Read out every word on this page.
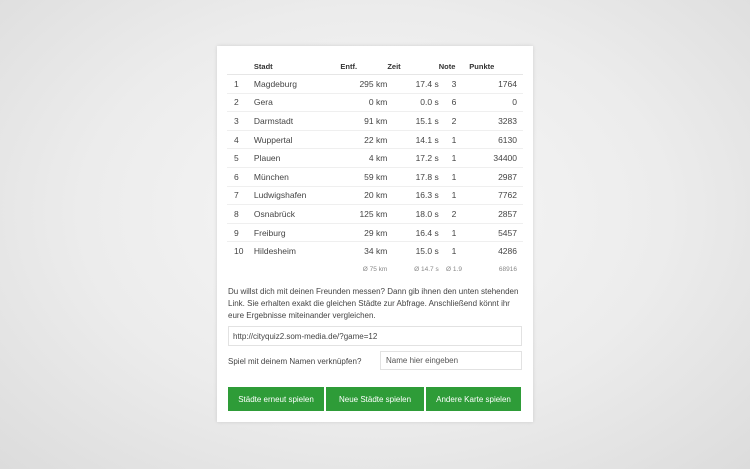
	Stadt	Entf.	Zeit	Note	Punkte
1	Magdeburg	295 km	17.4 s	3	1764
2	Gera	0 km	0.0 s	6	0
3	Darmstadt	91 km	15.1 s	2	3283
4	Wuppertal	22 km	14.1 s	1	6130
5	Plauen	4 km	17.2 s	1	34400
6	München	59 km	17.8 s	1	2987
7	Ludwigshafen	20 km	16.3 s	1	7762
8	Osnabrück	125 km	18.0 s	2	2857
9	Freiburg	29 km	16.4 s	1	5457
10	Hildesheim	34 km	15.0 s	1	4286
		Ø 75 km	Ø 14.7 s	Ø 1.9	68916
Du willst dich mit deinen Freunden messen? Dann gib ihnen den unten stehenden Link. Sie erhalten exakt die gleichen Städte zur Abfrage. Anschließend könnt ihr eure Ergebnisse miteinander vergleichen.
http://cityquiz2.som-media.de/?game=12
Spiel mit deinem Namen verknüpfen?
Name hier eingeben
Städte erneut spielen	Neue Städte spielen	Andere Karte spielen
